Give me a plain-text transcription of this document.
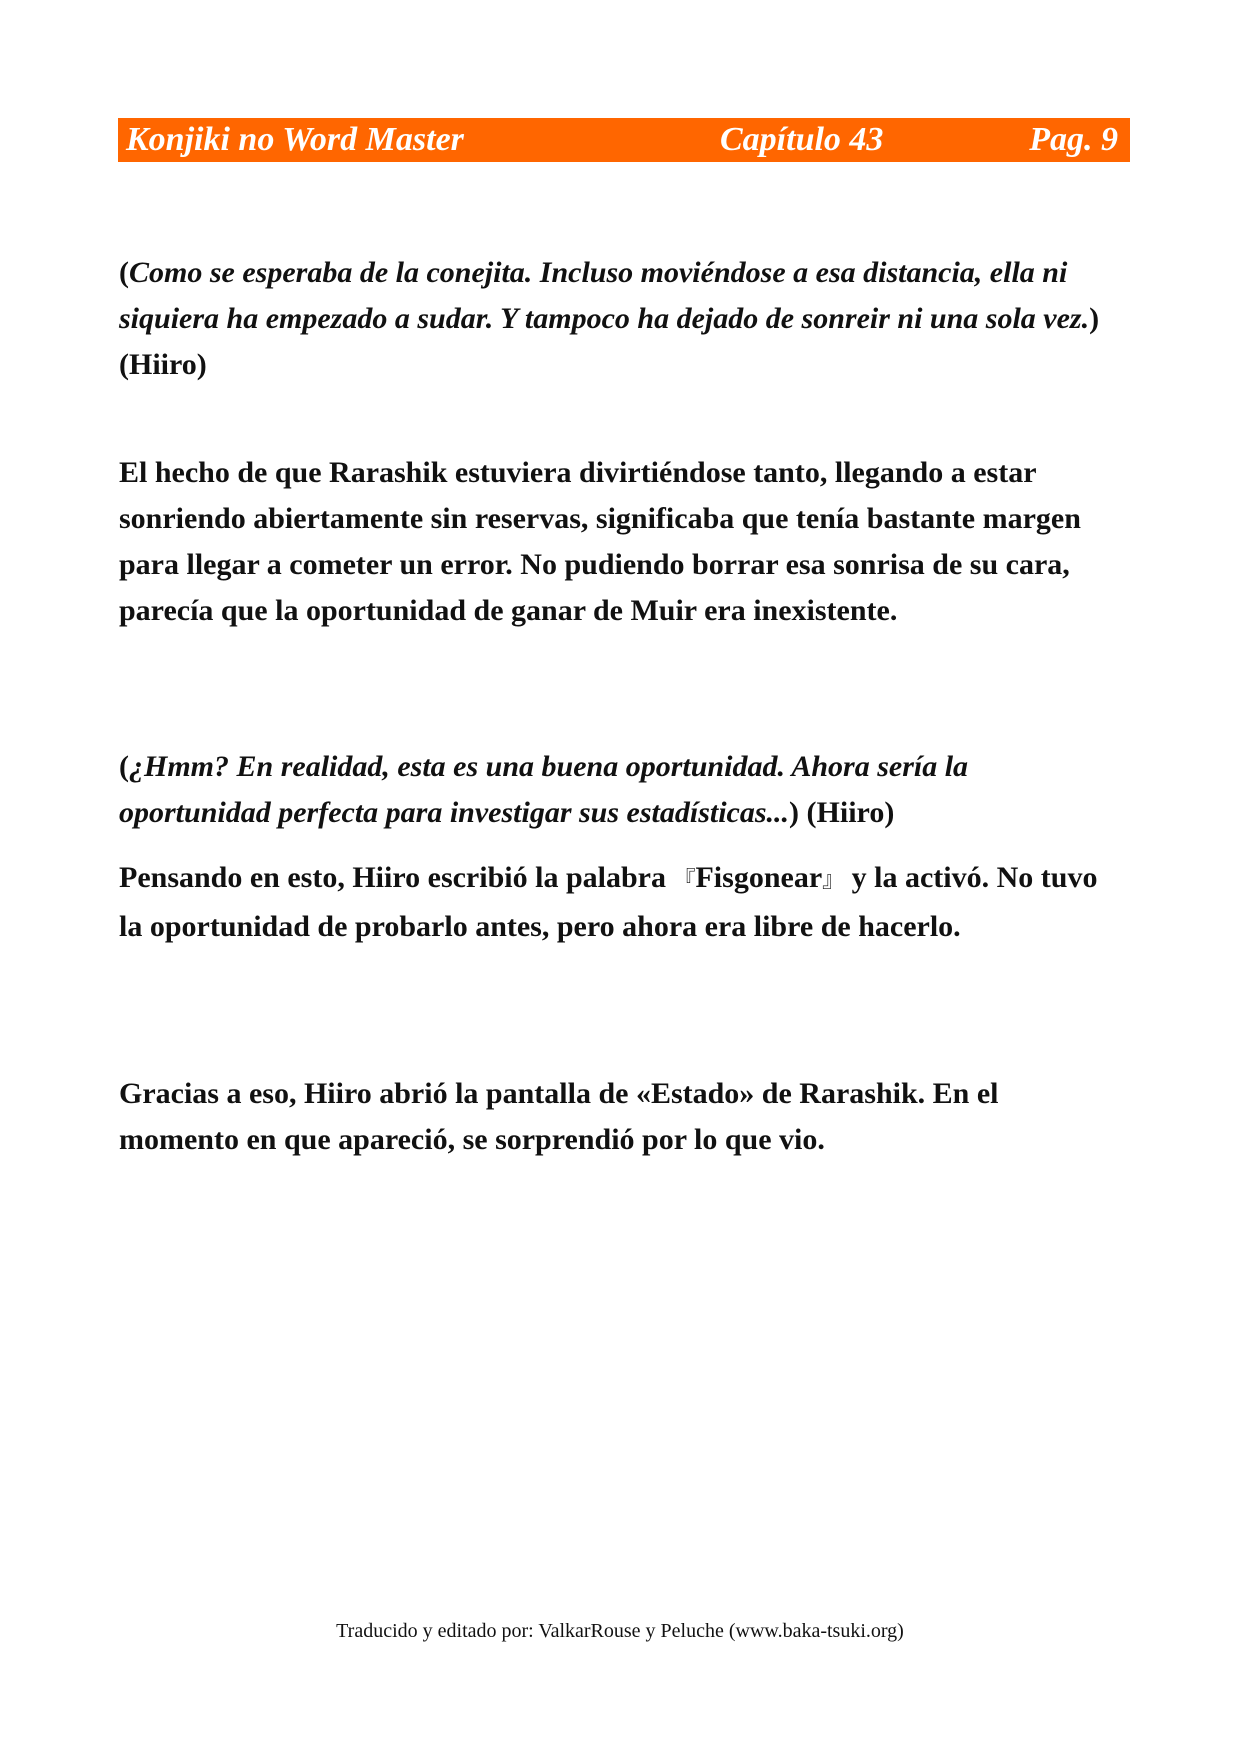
Konjiki no Word Master	Capítulo 43	Pag. 9

(Como se esperaba de la conejita. Incluso moviéndose a esa distancia, ella ni siquiera ha empezado a sudar. Y tampoco ha dejado de sonreir ni una sola vez.) (Hiiro)

El hecho de que Rarashik estuviera divirtiéndose tanto, llegando a estar sonriendo abiertamente sin reservas, significaba que tenía bastante margen para llegar a cometer un error. No pudiendo borrar esa sonrisa de su cara, parecía que la oportunidad de ganar de Muir era inexistente.

(¿Hmm? En realidad, esta es una buena oportunidad. Ahora sería la oportunidad perfecta para investigar sus estadísticas...) (Hiiro)

Pensando en esto, Hiiro escribió la palabra 『Fisgonear』 y la activó. No tuvo la oportunidad de probarlo antes, pero ahora era libre de hacerlo.

Gracias a eso, Hiiro abrió la pantalla de «Estado» de Rarashik. En el momento en que apareció, se sorprendió por lo que vio.

Traducido y editado por: ValkarRouse y Peluche (www.baka-tsuki.org)
